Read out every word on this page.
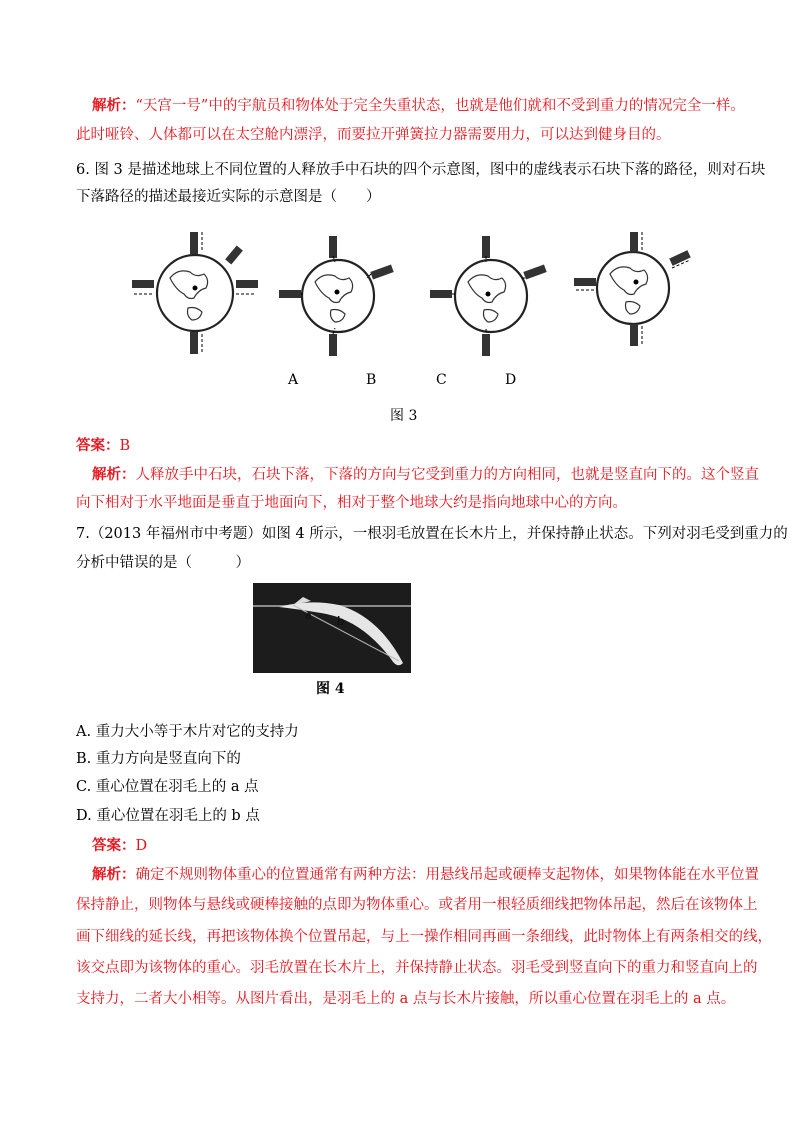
解析：“天宫一号”中的宇航员和物体处于完全失重状态，也就是他们就和不受到重力的情况完全一样。
此时哑铃、人体都可以在太空舱内漂浮，而要拉开弹簧拉力器需要用力，可以达到健身目的。
6. 图 3 是描述地球上不同位置的人释放手中石块的四个示意图，图中的虚线表示石块下落的路径，则对石块
下落路径的描述最接近实际的示意图是（　　）
A	B	C	D
图 3
答案：B
解析：人释放手中石块，石块下落，下落的方向与它受到重力的方向相同，也就是竖直向下的。这个竖直
向下相对于水平地面是垂直于地面向下，相对于整个地球大约是指向地球中心的方向。
7.（2013 年福州市中考题）如图 4 所示，一根羽毛放置在长木片上，并保持静止状态。下列对羽毛受到重力的
分析中错误的是（　　　）
a b
图 4
A. 重力大小等于木片对它的支持力
B. 重力方向是竖直向下的
C. 重心位置在羽毛上的 a 点
D. 重心位置在羽毛上的 b 点
答案：D
解析：确定不规则物体重心的位置通常有两种方法：用悬线吊起或硬棒支起物体，如果物体能在水平位置
保持静止，则物体与悬线或硬棒接触的点即为物体重心。或者用一根轻质细线把物体吊起，然后在该物体上
画下细线的延长线，再把该物体换个位置吊起，与上一操作相同再画一条细线，此时物体上有两条相交的线，
该交点即为该物体的重心。羽毛放置在长木片上，并保持静止状态。羽毛受到竖直向下的重力和竖直向上的
支持力，二者大小相等。从图片看出，是羽毛上的 a 点与长木片接触，所以重心位置在羽毛上的 a 点。
